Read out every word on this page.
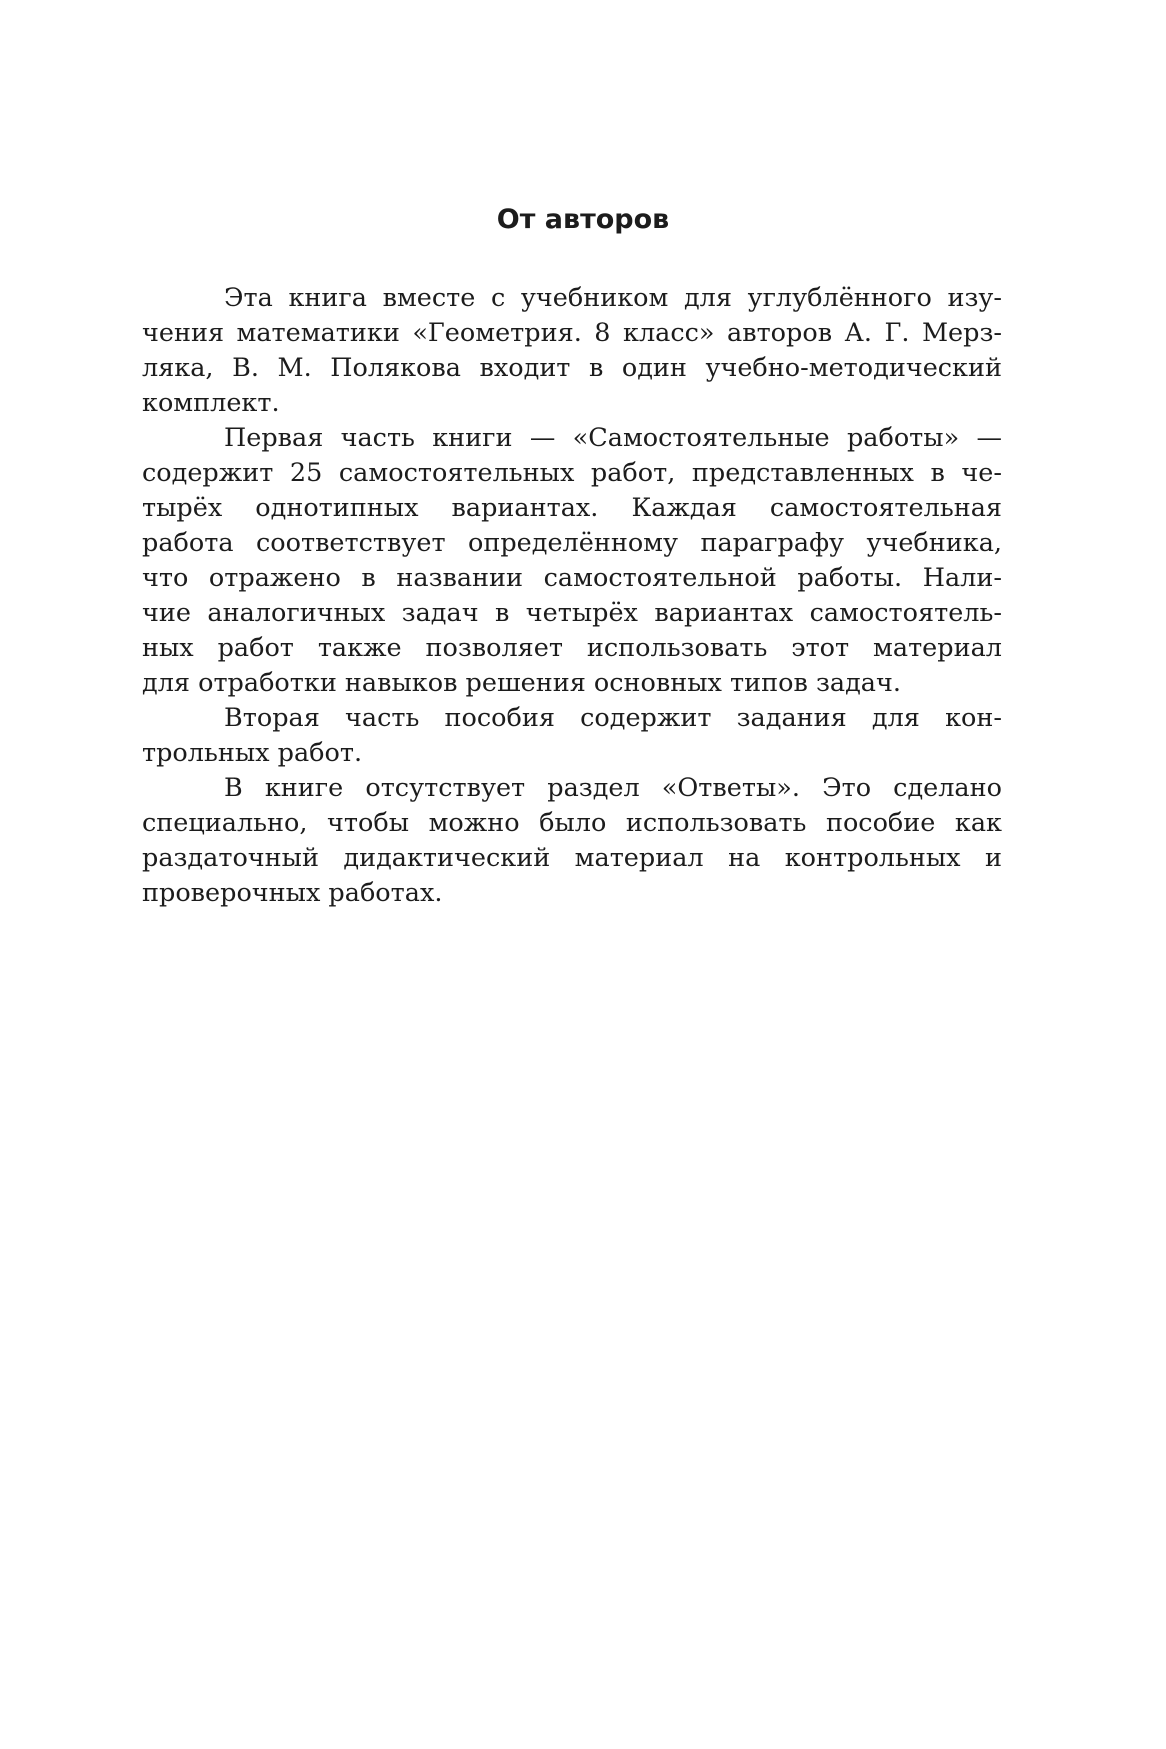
От авторов
Эта книга вместе с учебником для углублённого изу-
чения математики «Геометрия. 8 класс» авторов А. Г. Мерз-
ляка, В. М. Полякова входит в один учебно-методический
комплект.
Первая часть книги — «Самостоятельные работы» —
содержит 25 самостоятельных работ, представленных в че-
тырёх однотипных вариантах. Каждая самостоятельная
работа соответствует определённому параграфу учебника,
что отражено в названии самостоятельной работы. Нали-
чие аналогичных задач в четырёх вариантах самостоятель-
ных работ также позволяет использовать этот материал
для отработки навыков решения основных типов задач.
Вторая часть пособия содержит задания для кон-
трольных работ.
В книге отсутствует раздел «Ответы». Это сделано
специально, чтобы можно было использовать пособие как
раздаточный дидактический материал на контрольных и
проверочных работах.
